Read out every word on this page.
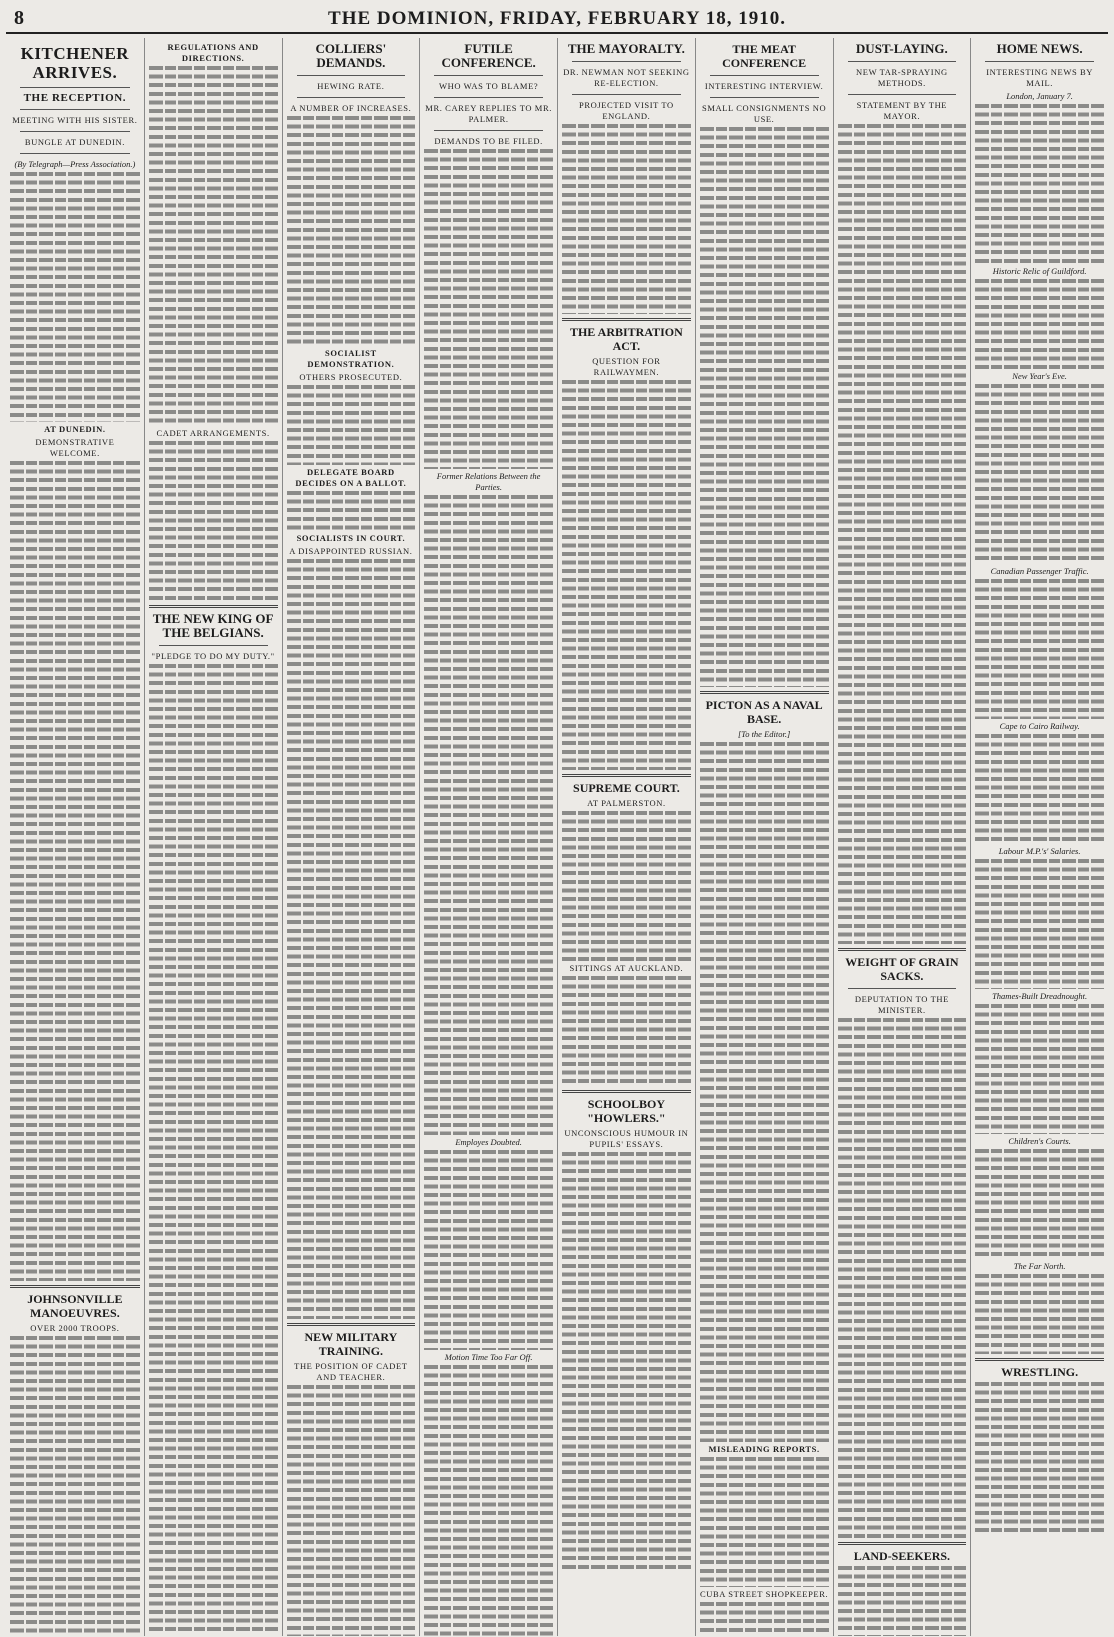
8	THE DOMINION, FRIDAY, FEBRUARY 18, 1910.
KITCHENER ARRIVES.
THE RECEPTION.
MEETING WITH HIS SISTER.
BUNGLE AT DUNEDIN.
(By Telegraph—Press Association.)
AT DUNEDIN.
DEMONSTRATIVE WELCOME.
JOHNSONVILLE MANOEUVRES.
OVER 2000 TROOPS.
REGULATIONS AND DIRECTIONS.
CADET ARRANGEMENTS.
THE NEW KING OF THE BELGIANS.
"PLEDGE TO DO MY DUTY."
COLLIERS' DEMANDS.
HEWING RATE.
A NUMBER OF INCREASES.
SOCIALIST DEMONSTRATION.
OTHERS PROSECUTED.
DELEGATE BOARD DECIDES ON A BALLOT.
SOCIALISTS IN COURT.
A DISAPPOINTED RUSSIAN.
NEW MILITARY TRAINING.
THE POSITION OF CADET AND TEACHER.
FUTILE CONFERENCE.
WHO WAS TO BLAME?
MR. CAREY REPLIES TO MR. PALMER.
DEMANDS TO BE FILED.
Former Relations Between the Parties.
Employes Doubted.
Motion Time Too Far Off.
THE MAYORALTY.
DR. NEWMAN NOT SEEKING RE-ELECTION.
PROJECTED VISIT TO ENGLAND.
THE ARBITRATION ACT.
QUESTION FOR RAILWAYMEN.
SUPREME COURT.
AT PALMERSTON.
SITTINGS AT AUCKLAND.
SCHOOLBOY "HOWLERS."
UNCONSCIOUS HUMOUR IN PUPILS' ESSAYS.
THE MEAT CONFERENCE
INTERESTING INTERVIEW.
SMALL CONSIGNMENTS NO USE.
PICTON AS A NAVAL BASE.
[To the Editor.]
MISLEADING REPORTS.
CUBA STREET SHOPKEEPER.
DUST-LAYING.
NEW TAR-SPRAYING METHODS.
STATEMENT BY THE MAYOR.
WEIGHT OF GRAIN SACKS.
DEPUTATION TO THE MINISTER.
LAND-SEEKERS.
HOME NEWS.
INTERESTING NEWS BY MAIL.
London, January 7.
Historic Relic of Guildford.
New Year's Eve.
Canadian Passenger Traffic.
Cape to Cairo Railway.
Labour M.P.'s' Salaries.
Thames-Built Dreadnought.
Children's Courts.
The Far North.
WRESTLING.
